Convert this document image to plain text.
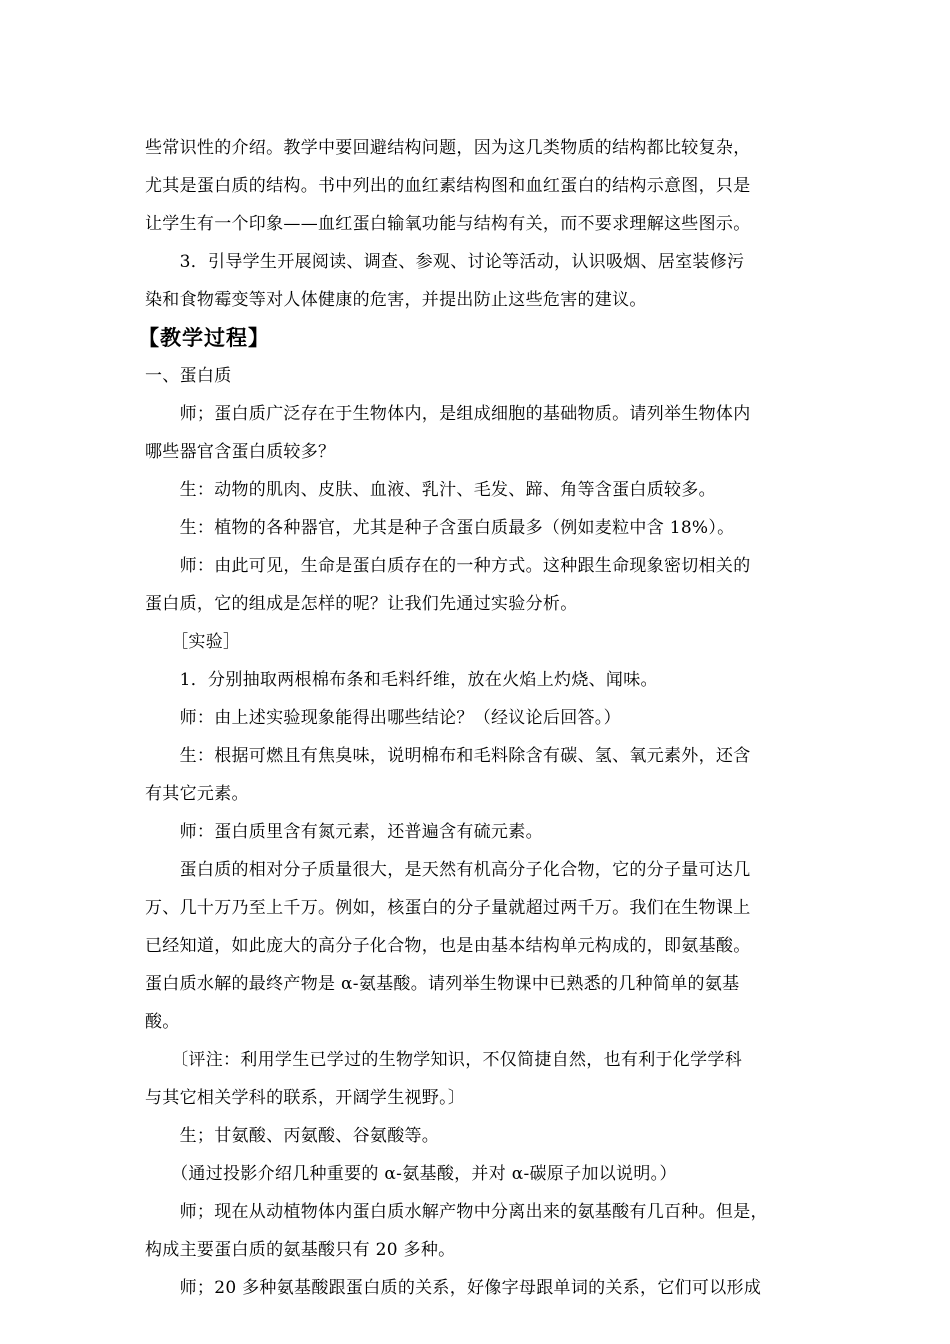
些常识性的介绍。教学中要回避结构问题，因为这几类物质的结构都比较复杂，
尤其是蛋白质的结构。书中列出的血红素结构图和血红蛋白的结构示意图，只是
让学生有一个印象——血红蛋白输氧功能与结构有关，而不要求理解这些图示。
　　3．引导学生开展阅读、调查、参观、讨论等活动，认识吸烟、居室装修污
染和食物霉变等对人体健康的危害，并提出防止这些危害的建议。
【教学过程】
一、蛋白质
　　师；蛋白质广泛存在于生物体内，是组成细胞的基础物质。请列举生物体内
哪些器官含蛋白质较多？
　　生：动物的肌肉、皮肤、血液、乳汁、毛发、蹄、角等含蛋白质较多。
　　生：植物的各种器官，尤其是种子含蛋白质最多（例如麦粒中含 18%）。
　　师：由此可见，生命是蛋白质存在的一种方式。这种跟生命现象密切相关的
蛋白质，它的组成是怎样的呢？让我们先通过实验分析。
　　［实验］
　　1．分别抽取两根棉布条和毛料纤维，放在火焰上灼烧、闻味。
　　师：由上述实验现象能得出哪些结论？（经议论后回答。）
　　生：根据可燃且有焦臭味，说明棉布和毛料除含有碳、氢、氧元素外，还含
有其它元素。
　　师：蛋白质里含有氮元素，还普遍含有硫元素。
　　蛋白质的相对分子质量很大，是天然有机高分子化合物，它的分子量可达几
万、几十万乃至上千万。例如，核蛋白的分子量就超过两千万。我们在生物课上
已经知道，如此庞大的高分子化合物，也是由基本结构单元构成的，即氨基酸。
蛋白质水解的最终产物是 α-氨基酸。请列举生物课中已熟悉的几种简单的氨基
酸。
　　〔评注：利用学生已学过的生物学知识，不仅简捷自然，也有利于化学学科
与其它相关学科的联系，开阔学生视野。〕
　　生；甘氨酸、丙氨酸、谷氨酸等。
　　（通过投影介绍几种重要的 α-氨基酸，并对 α-碳原子加以说明。）
　　师；现在从动植物体内蛋白质水解产物中分离出来的氨基酸有几百种。但是，
构成主要蛋白质的氨基酸只有 20 多种。
　　师；20 多种氨基酸跟蛋白质的关系，好像字母跟单词的关系，它们可以形成
